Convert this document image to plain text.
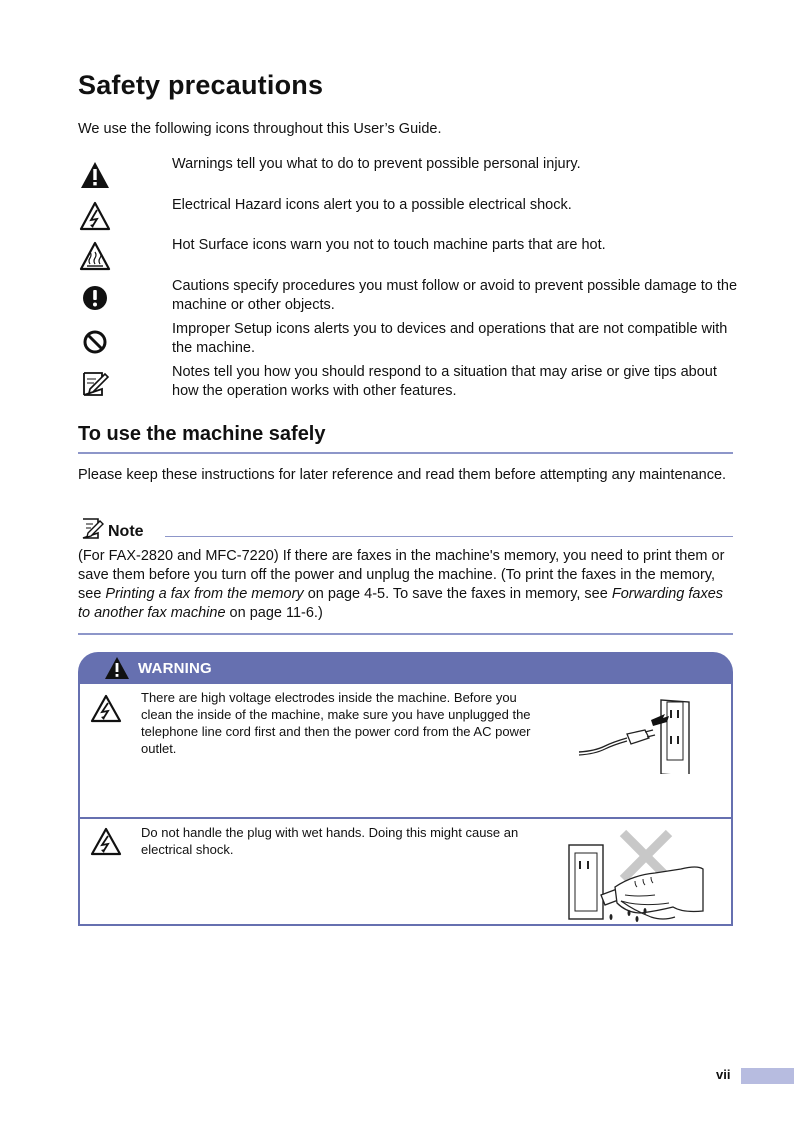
Safety precautions
We use the following icons throughout this User’s Guide.
Warnings tell you what to do to prevent possible personal injury.
Electrical Hazard icons alert you to a possible electrical shock.
Hot Surface icons warn you not to touch machine parts that are hot.
Cautions specify procedures you must follow or avoid to prevent possible damage to the machine or other objects.
Improper Setup icons alerts you to devices and operations that are not compatible with the machine.
Notes tell you how you should respond to a situation that may arise or give tips about how the operation works with other features.
To use the machine safely
Please keep these instructions for later reference and read them before attempting any maintenance.
Note
(For FAX-2820 and MFC-7220) If there are faxes in the machine's memory, you need to print them or save them before you turn off the power and unplug the machine. (To print the faxes in the memory, see Printing a fax from the memory on page 4-5. To save the faxes in memory, see Forwarding faxes to another fax machine on page 11-6.)
WARNING
There are high voltage electrodes inside the machine. Before you clean the inside of the machine, make sure you have unplugged the telephone line cord first and then the power cord from the AC power outlet.
Do not handle the plug with wet hands. Doing this might cause an electrical shock.
vii
